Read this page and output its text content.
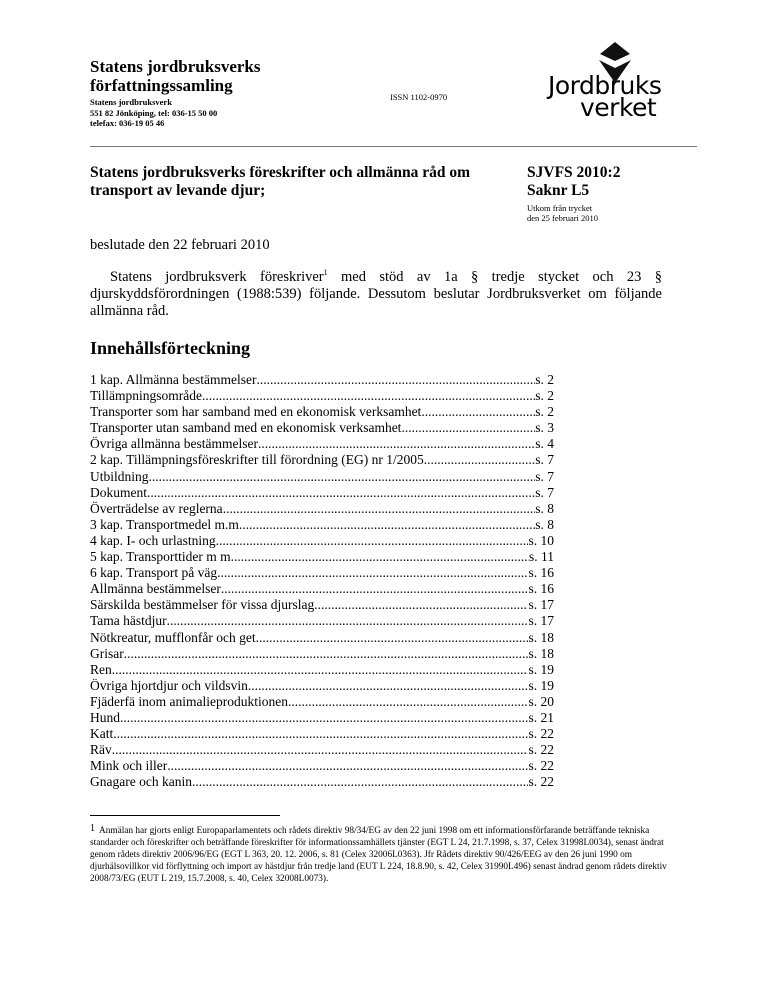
Statens jordbruksverks
författningssamling
Statens jordbruksverk
551 82 Jönköping, tel: 036-15 50 00
telefax: 036-19 05 46
ISSN 1102-0970	Jordbruks
verket
Statens jordbruksverks föreskrifter och allmänna råd om transport av levande djur;
SJVFS 2010:2
Saknr L5
Utkom från trycket
den 25 februari 2010
beslutade den 22 februari 2010

Statens jordbruksverk föreskriver$^1$ med stöd av 1a § tredje stycket och 23 § djurskyddsförordningen (1988:539) följande. Dessutom beslutar Jordbruksverket om följande allmänna råd.

Innehållsförteckning
1 kap. Allmänna bestämmelser .....	s. 2
Tillämpningsområde .....	s. 2
Transporter som har samband med en ekonomisk verksamhet .....	s. 2
Transporter utan samband med en ekonomisk verksamhet .....	s. 3
Övriga allmänna bestämmelser .....	s. 4
2 kap. Tillämpningsföreskrifter till förordning (EG) nr 1/2005 .....	s. 7
Utbildning .....	s. 7
Dokument .....	s. 7
Överträdelse av reglerna .....	s. 8
3 kap. Transportmedel m.m. .....	s. 8
4 kap. I- och urlastning .....	s. 10
5 kap. Transporttider m m .....	s. 11
6 kap. Transport på väg .....	s. 16
Allmänna bestämmelser .....	s. 16
Särskilda bestämmelser för vissa djurslag .....	s. 17
Tama hästdjur .....	s. 17
Nötkreatur, mufflonfår och get .....	s. 18
Grisar .....	s. 18
Ren .....	s. 19
Övriga hjortdjur och vildsvin .....	s. 19
Fjäderfä inom animalieproduktionen .....	s. 20
Hund .....	s. 21
Katt .....	s. 22
Räv .....	s. 22
Mink och iller .....	s. 22
Gnagare och kanin .....	s. 22
$^1$ Anmälan har gjorts enligt Europaparlamentets och rådets direktiv 98/34/EG av den 22 juni 1998 om ett informationsförfarande beträffande tekniska standarder och föreskrifter och beträffande föreskrifter för informationssamhällets tjänster (EGT L 24, 21.7.1998, s. 37, Celex 31998L0034), senast ändrat genom rådets direktiv 2006/96/EG (EGT L 363, 20. 12. 2006, s. 81 (Celex 32006L0363). Jfr Rådets direktiv 90/426/EEG av den 26 juni 1990 om djurhälsovillkor vid förflyttning och import av hästdjur från tredje land (EUT L 224, 18.8.90, s. 42, Celex 31990L496) senast ändrad genom rådets direktiv 2008/73/EG (EUT L 219, 15.7.2008, s. 40, Celex 32008L0073).
